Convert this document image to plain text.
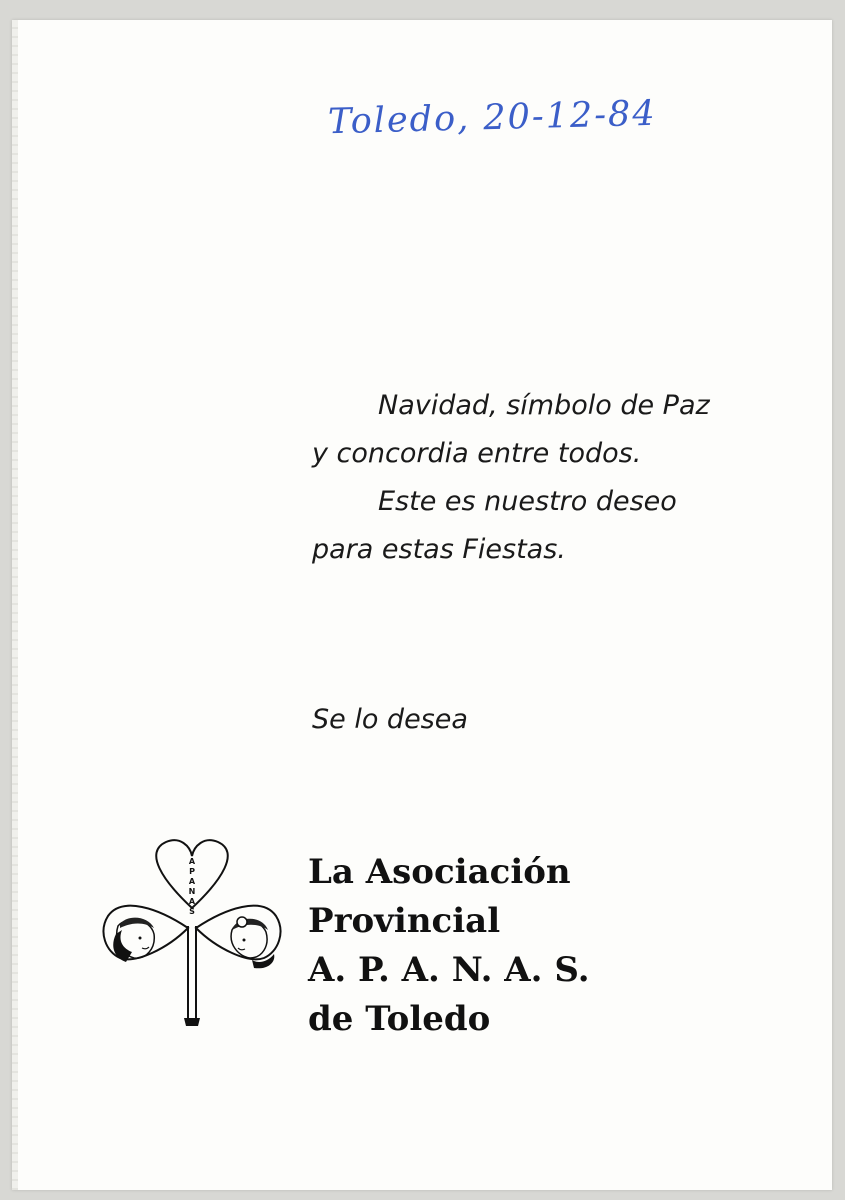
Toledo, 20-12-84
Navidad, símbolo de Paz
y concordia entre todos.
Este es nuestro deseo
para estas Fiestas.
Se lo desea
A
P
A
N
A
S
La Asociación
Provincial
A. P. A. N. A. S.
de Toledo
